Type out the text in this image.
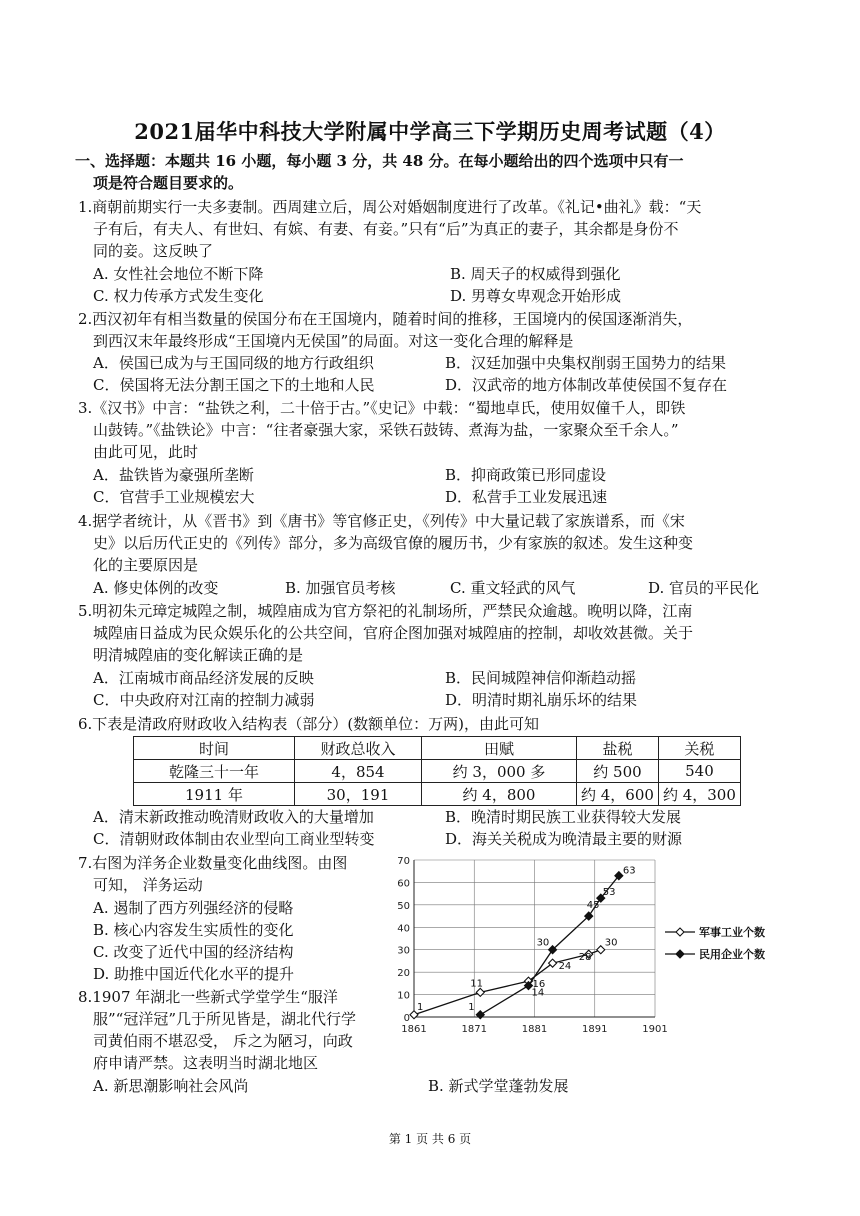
2021届华中科技大学附属中学高三下学期历史周考试题（4）
一、选择题：本题共 16 小题，每小题 3 分，共 48 分。在每小题给出的四个选项中只有一
项是符合题目要求的。
1.商朝前期实行一夫多妻制。西周建立后，周公对婚姻制度进行了改革。《礼记•曲礼》载：“天
子有后，有夫人、有世妇、有嫔、有妻、有妾。”只有“后”为真正的妻子，其余都是身份不
同的妾。这反映了
A. 女性社会地位不断下降	B. 周天子的权威得到强化
C. 权力传承方式发生变化	D. 男尊女卑观念开始形成
2.西汉初年有相当数量的侯国分布在王国境内，随着时间的推移，王国境内的侯国逐渐消失，
到西汉末年最终形成“王国境内无侯国”的局面。对这一变化合理的解释是
A．侯国已成为与王国同级的地方行政组织	B．汉廷加强中央集权削弱王国势力的结果
C．侯国将无法分割王国之下的土地和人民	D．汉武帝的地方体制改革使侯国不复存在
3.《汉书》中言：“盐铁之利，二十倍于古。”《史记》中载：“蜀地卓氏，使用奴僮千人，即铁
山鼓铸。”《盐铁论》中言：“往者豪强大家，采铁石鼓铸、煮海为盐，一家聚众至千余人。”
由此可见，此时
A．盐铁皆为豪强所垄断	B．抑商政策已形同虚设
C．官营手工业规模宏大	D．私营手工业发展迅速
4.据学者统计，从《晋书》到《唐书》等官修正史，《列传》中大量记载了家族谱系，而《宋
史》以后历代正史的《列传》部分，多为高级官僚的履历书，少有家族的叙述。发生这种变
化的主要原因是
A. 修史体例的改变	B. 加强官员考核	C. 重文轻武的风气	D. 官员的平民化
5.明初朱元璋定城隍之制，城隍庙成为官方祭祀的礼制场所，严禁民众逾越。晚明以降，江南
城隍庙日益成为民众娱乐化的公共空间，官府企图加强对城隍庙的控制，却收效甚微。关于
明清城隍庙的变化解读正确的是
A．江南城市商品经济发展的反映	B．民间城隍神信仰渐趋动摇
C．中央政府对江南的控制力减弱	D．明清时期礼崩乐坏的结果
6.下表是清政府财政收入结构表（部分）(数额单位：万两)，由此可知
时间	财政总收入	田赋	盐税	关税
乾隆三十一年	4，854	约 3，000 多	约 500	540
1911 年	30，191	约 4，800	约 4，600	约 4，300
A．清末新政推动晚清财政收入的大量增加	B．晚清时期民族工业获得较大发展
C．清朝财政体制由农业型向工商业型转变	D．海关关税成为晚清最主要的财源
7.右图为洋务企业数量变化曲线图。由图
可知， 洋务运动
A. 遏制了西方列强经济的侵略
B. 核心内容发生实质性的变化
C. 改变了近代中国的经济结构
D. 助推中国近代化水平的提升
8.1907 年湖北一些新式学堂学生“服洋
服”“冠洋冠”几于所见皆是，湖北代行学
司黄伯雨不堪忍受， 斥之为陋习，向政
府申请严禁。这表明当时湖北地区
A. 新思潮影响社会风尚	B. 新式学堂蓬勃发展
0
10
20
30
40
50
60
70
1861	1871	1881	1891	1901
1
11	16
24
28
30
1
14
30
45
53
63
军事工业个数
民用企业个数
第 1 页 共 6 页
